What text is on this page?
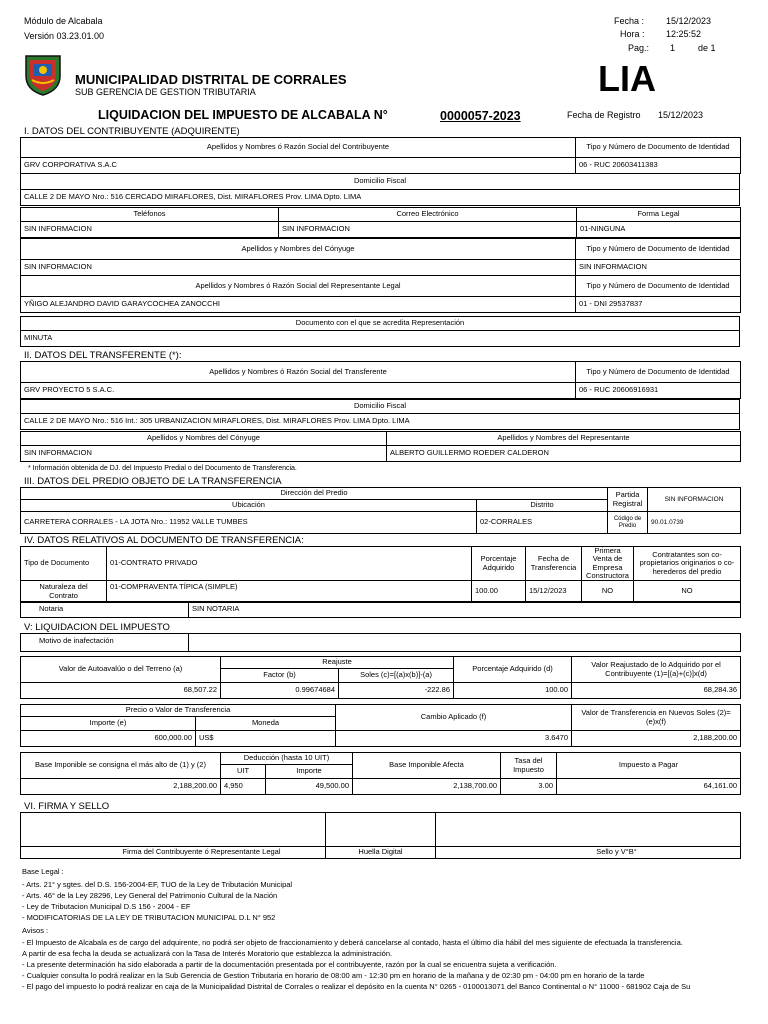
Módulo de Alcabala
Versión 03.23.01.00
Fecha : 15/12/2023
Hora : 12:25:52
Pag.: 1	de 1
MUNICIPALIDAD DISTRITAL DE CORRALES
SUB GERENCIA DE GESTION TRIBUTARIA	LIA
LIQUIDACION DEL IMPUESTO DE ALCABALA N°	0000057-2023	Fecha de Registro 15/12/2023
I. DATOS DEL CONTRIBUYENTE (ADQUIRENTE)
Apellidos y Nombres ó Razón Social del Contribuyente	Tipo y Número de Documento de Identidad
GRV CORPORATIVA S.A.C	06 - RUC 20603411383
Domicilio Fiscal
CALLE 2 DE MAYO Nro.: 516 CERCADO MIRAFLORES, Dist. MIRAFLORES Prov. LIMA Dpto. LIMA
Teléfonos	Correo Electrónico	Forma Legal
SIN INFORMACION	SIN INFORMACION	01-NINGUNA
Apellidos y Nombres del Cónyuge	Tipo y Número de Documento de Identidad
SIN INFORMACION	SIN INFORMACION
Apellidos y Nombres ó Razón Social del Representante Legal	Tipo y Número de Documento de Identidad
YÑIGO ALEJANDRO DAVID GARAYCOCHEA ZANOCCHI	01 - DNI 29537837
Documento con el que se acredita Representación
MINUTA
II. DATOS DEL TRANSFERENTE (*):
Apellidos y Nombres ó Razón Social del Transferente	Tipo y Número de Documento de Identidad
GRV PROYECTO 5 S.A.C.	06 - RUC 20606916931
Domicilio Fiscal
CALLE 2 DE MAYO Nro.: 516 Int.: 305 URBANIZACION MIRAFLORES, Dist. MIRAFLORES Prov. LIMA Dpto. LIMA
Apellidos y Nombres del Cónyuge	Apellidos y Nombres del Representante
SIN INFORMACION	ALBERTO GUILLERMO ROEDER CALDERON
* Información obtenida de DJ. del Impuesto Predial o del Documento de Transferencia.
III. DATOS DEL PREDIO OBJETO DE LA TRANSFERENCIA
Dirección del Predio		Partida Registral	SIN INFORMACION
Ubicación	Distrito		
CARRETERA CORRALES - LA JOTA Nro.: 11952 VALLE TUMBES	02-CORRALES	Código de Predio	90.01.0739
IV. DATOS RELATIVOS AL DOCUMENTO DE TRANSFERENCIA:
Tipo de Documento	01-CONTRATO PRIVADO	Porcentaje Adquirido	Fecha de Transferencia	Primera Venta de Empresa Constructora	Contratantes son co-propietarios originarios o co-herederos del predio
Naturaleza del Contrato	01-COMPRAVENTA TÍPICA (SIMPLE)	100.00	15/12/2023	NO	NO
Notaria	SIN NOTARIA
V: LIQUIDACION DEL IMPUESTO
Motivo de inafectación	
Valor de Autoavalúo o del Terreno (a)	Reajuste		Porcentaje Adquirido (d)	Valor Reajustado de lo Adquirido por el Contribuyente (1)=[(a)+(c)]x(d)
	Factor (b)	Soles (c)=[(a)x(b)]-(a)		
68,507.22	0.99674684	-222.86	100.00	68,284.36
Precio o Valor de Transferencia		Cambio Aplicado (f)	Valor de Transferencia en Nuevos Soles (2)=(e)x(f)
Importe (e)	Moneda		
600,000.00	US$	3.6470	2,188,200.00
Base Imponible se consigna el más alto de (1) y (2)	Deducción (hasta 10 UIT)		Base Imponible Afecta	Tasa del Impuesto	Impuesto a Pagar
	UIT	Importe			
2,188,200.00	4,950	49,500.00	2,138,700.00	3.00	64,161.00
VI. FIRMA Y SELLO

Firma del Contribuyente ó Representante Legal	Huella Digital	Sello y V°B°
Base Legal :
- Arts. 21° y sgtes. del D.S. 156-2004-EF, TUO de la Ley de Tributación Municipal
- Arts. 46° de la Ley 28296, Ley General del Patrimonio Cultural de la Nación
- Ley de Tributacion Municipal D.S 156 - 2004 - EF
- MODIFICATORIAS DE LA LEY DE TRIBUTACION MUNICIPAL D.L N° 952
Avisos :
- El Impuesto de Alcabala es de cargo del adquirente, no podrá ser objeto de fraccionamiento y deberá cancelarse al contado, hasta el último día hábil del mes siguiente de efectuada la transferencia.
A partir de esa fecha la deuda se actualizará con la Tasa de Interés Moratorio que establezca la administración.
- La presente determinación ha sido elaborada a partir de la documentación presentada por el contribuyente, razón por la cual se encuentra sujeta a verificación.
- Cualquier consulta lo podrá realizar en la Sub Gerencia de Gestion Tributaria en horario de 08:00 am - 12:30 pm en horario de la mañana y de 02:30 pm - 04:00 pm en horario de la tarde
- El pago del impuesto lo podrá realizar en caja de la Municipalidad Distrital de Corrales o realizar el depósito en la cuenta N° 0265 - 0100013071 del Banco Continental o N° 11000 - 681902 Caja de Su
